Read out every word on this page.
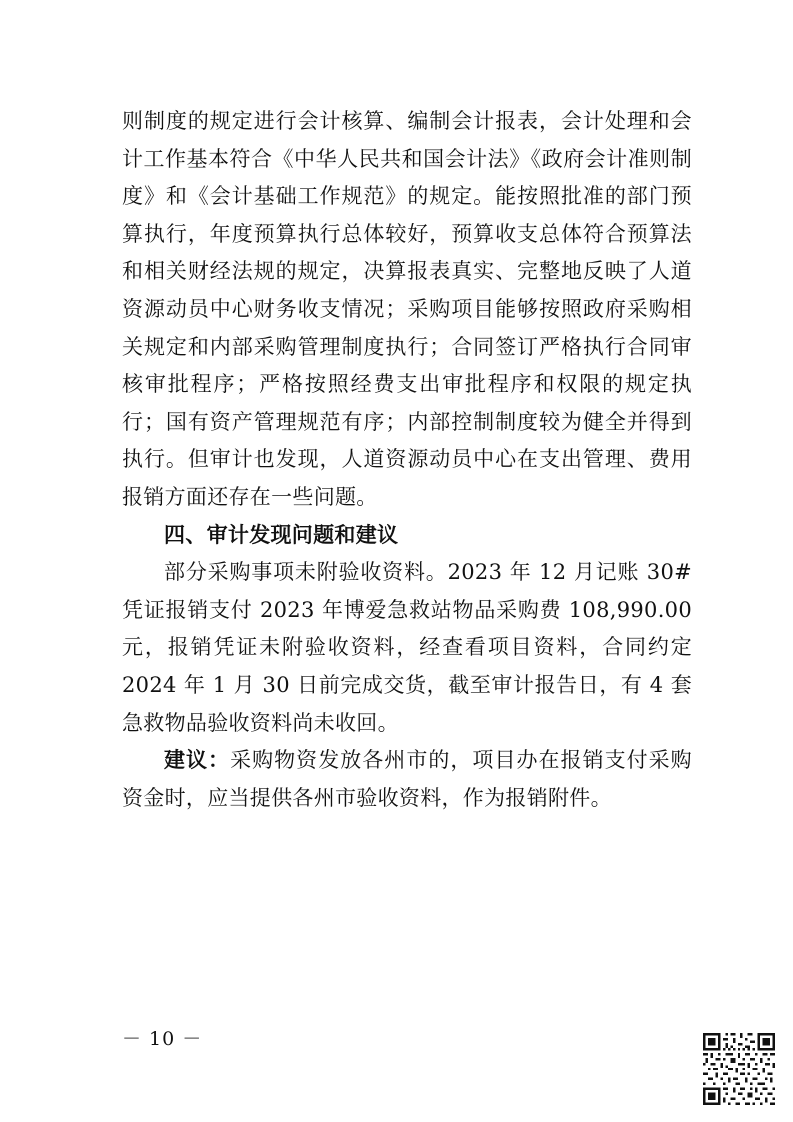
则制度的规定进行会计核算、编制会计报表，会计处理和会计工作基本符合《中华人民共和国会计法》《政府会计准则制度》和《会计基础工作规范》的规定。能按照批准的部门预算执行，年度预算执行总体较好，预算收支总体符合预算法和相关财经法规的规定，决算报表真实、完整地反映了人道资源动员中心财务收支情况；采购项目能够按照政府采购相关规定和内部采购管理制度执行；合同签订严格执行合同审核审批程序；严格按照经费支出审批程序和权限的规定执行；国有资产管理规范有序；内部控制制度较为健全并得到执行。但审计也发现，人道资源动员中心在支出管理、费用报销方面还存在一些问题。

四、审计发现问题和建议

部分采购事项未附验收资料。2023 年 12 月记账 30#凭证报销支付 2023 年博爱急救站物品采购费 108,990.00 元，报销凭证未附验收资料，经查看项目资料，合同约定 2024 年 1 月 30 日前完成交货，截至审计报告日，有 4 套急救物品验收资料尚未收回。

建议：采购物资发放各州市的，项目办在报销支付采购资金时，应当提供各州市验收资料，作为报销附件。

－ 10 －
